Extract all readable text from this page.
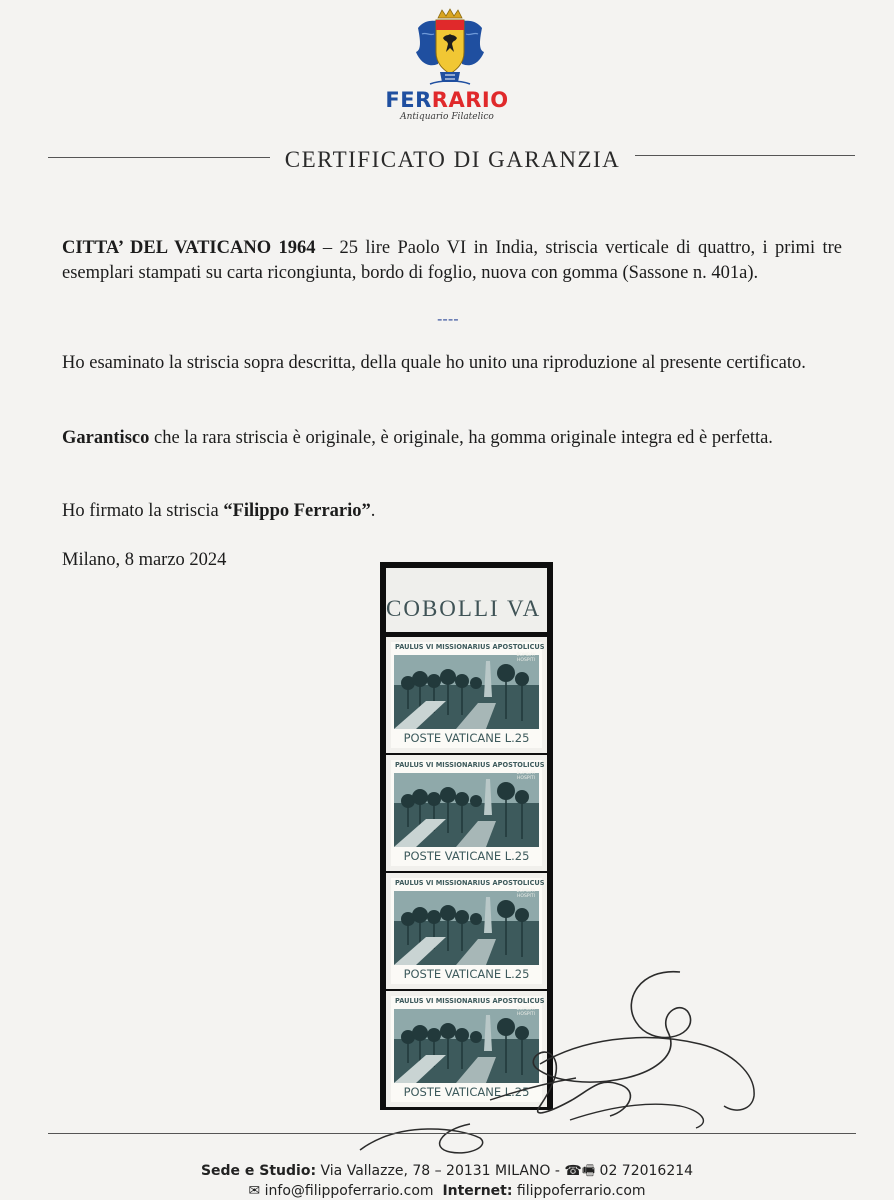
FERRARIO
Antiquario Filatelico
CERTIFICATO DI GARANZIA
CITTA’ DEL VATICANO 1964 – 25 lire Paolo VI in India, striscia verticale di quattro, i primi tre esemplari stampati su carta ricongiunta, bordo di foglio, nuova con gomma (Sassone n. 401a).
----
Ho esaminato la striscia sopra descritta, della quale ho unito una riproduzione al presente certificato.
Garantisco che la rara striscia è originale, è originale, ha gomma originale integra ed è perfetta.
Ho firmato la striscia “Filippo Ferrario”.
Milano, 8 marzo 2024
COBOLLI VA
PAULUS VI MISSIONARIUS APOSTOLICUS
BOMBAY HOSPITI
POSTE VATICANE L.25
PAULUS VI MISSIONARIUS APOSTOLICUS
BOMBAY HOSPITI
POSTE VATICANE L.25
PAULUS VI MISSIONARIUS APOSTOLICUS
BOMBAY HOSPITI
POSTE VATICANE L.25
PAULUS VI MISSIONARIUS APOSTOLICUS
BOMBAY HOSPITI
POSTE VATICANE L.25
Sede e Studio: Via Vallazze, 78 – 20131 MILANO - ☎🖷 02 72016214
✉ info@filippoferrario.com Internet: filippoferrario.com
